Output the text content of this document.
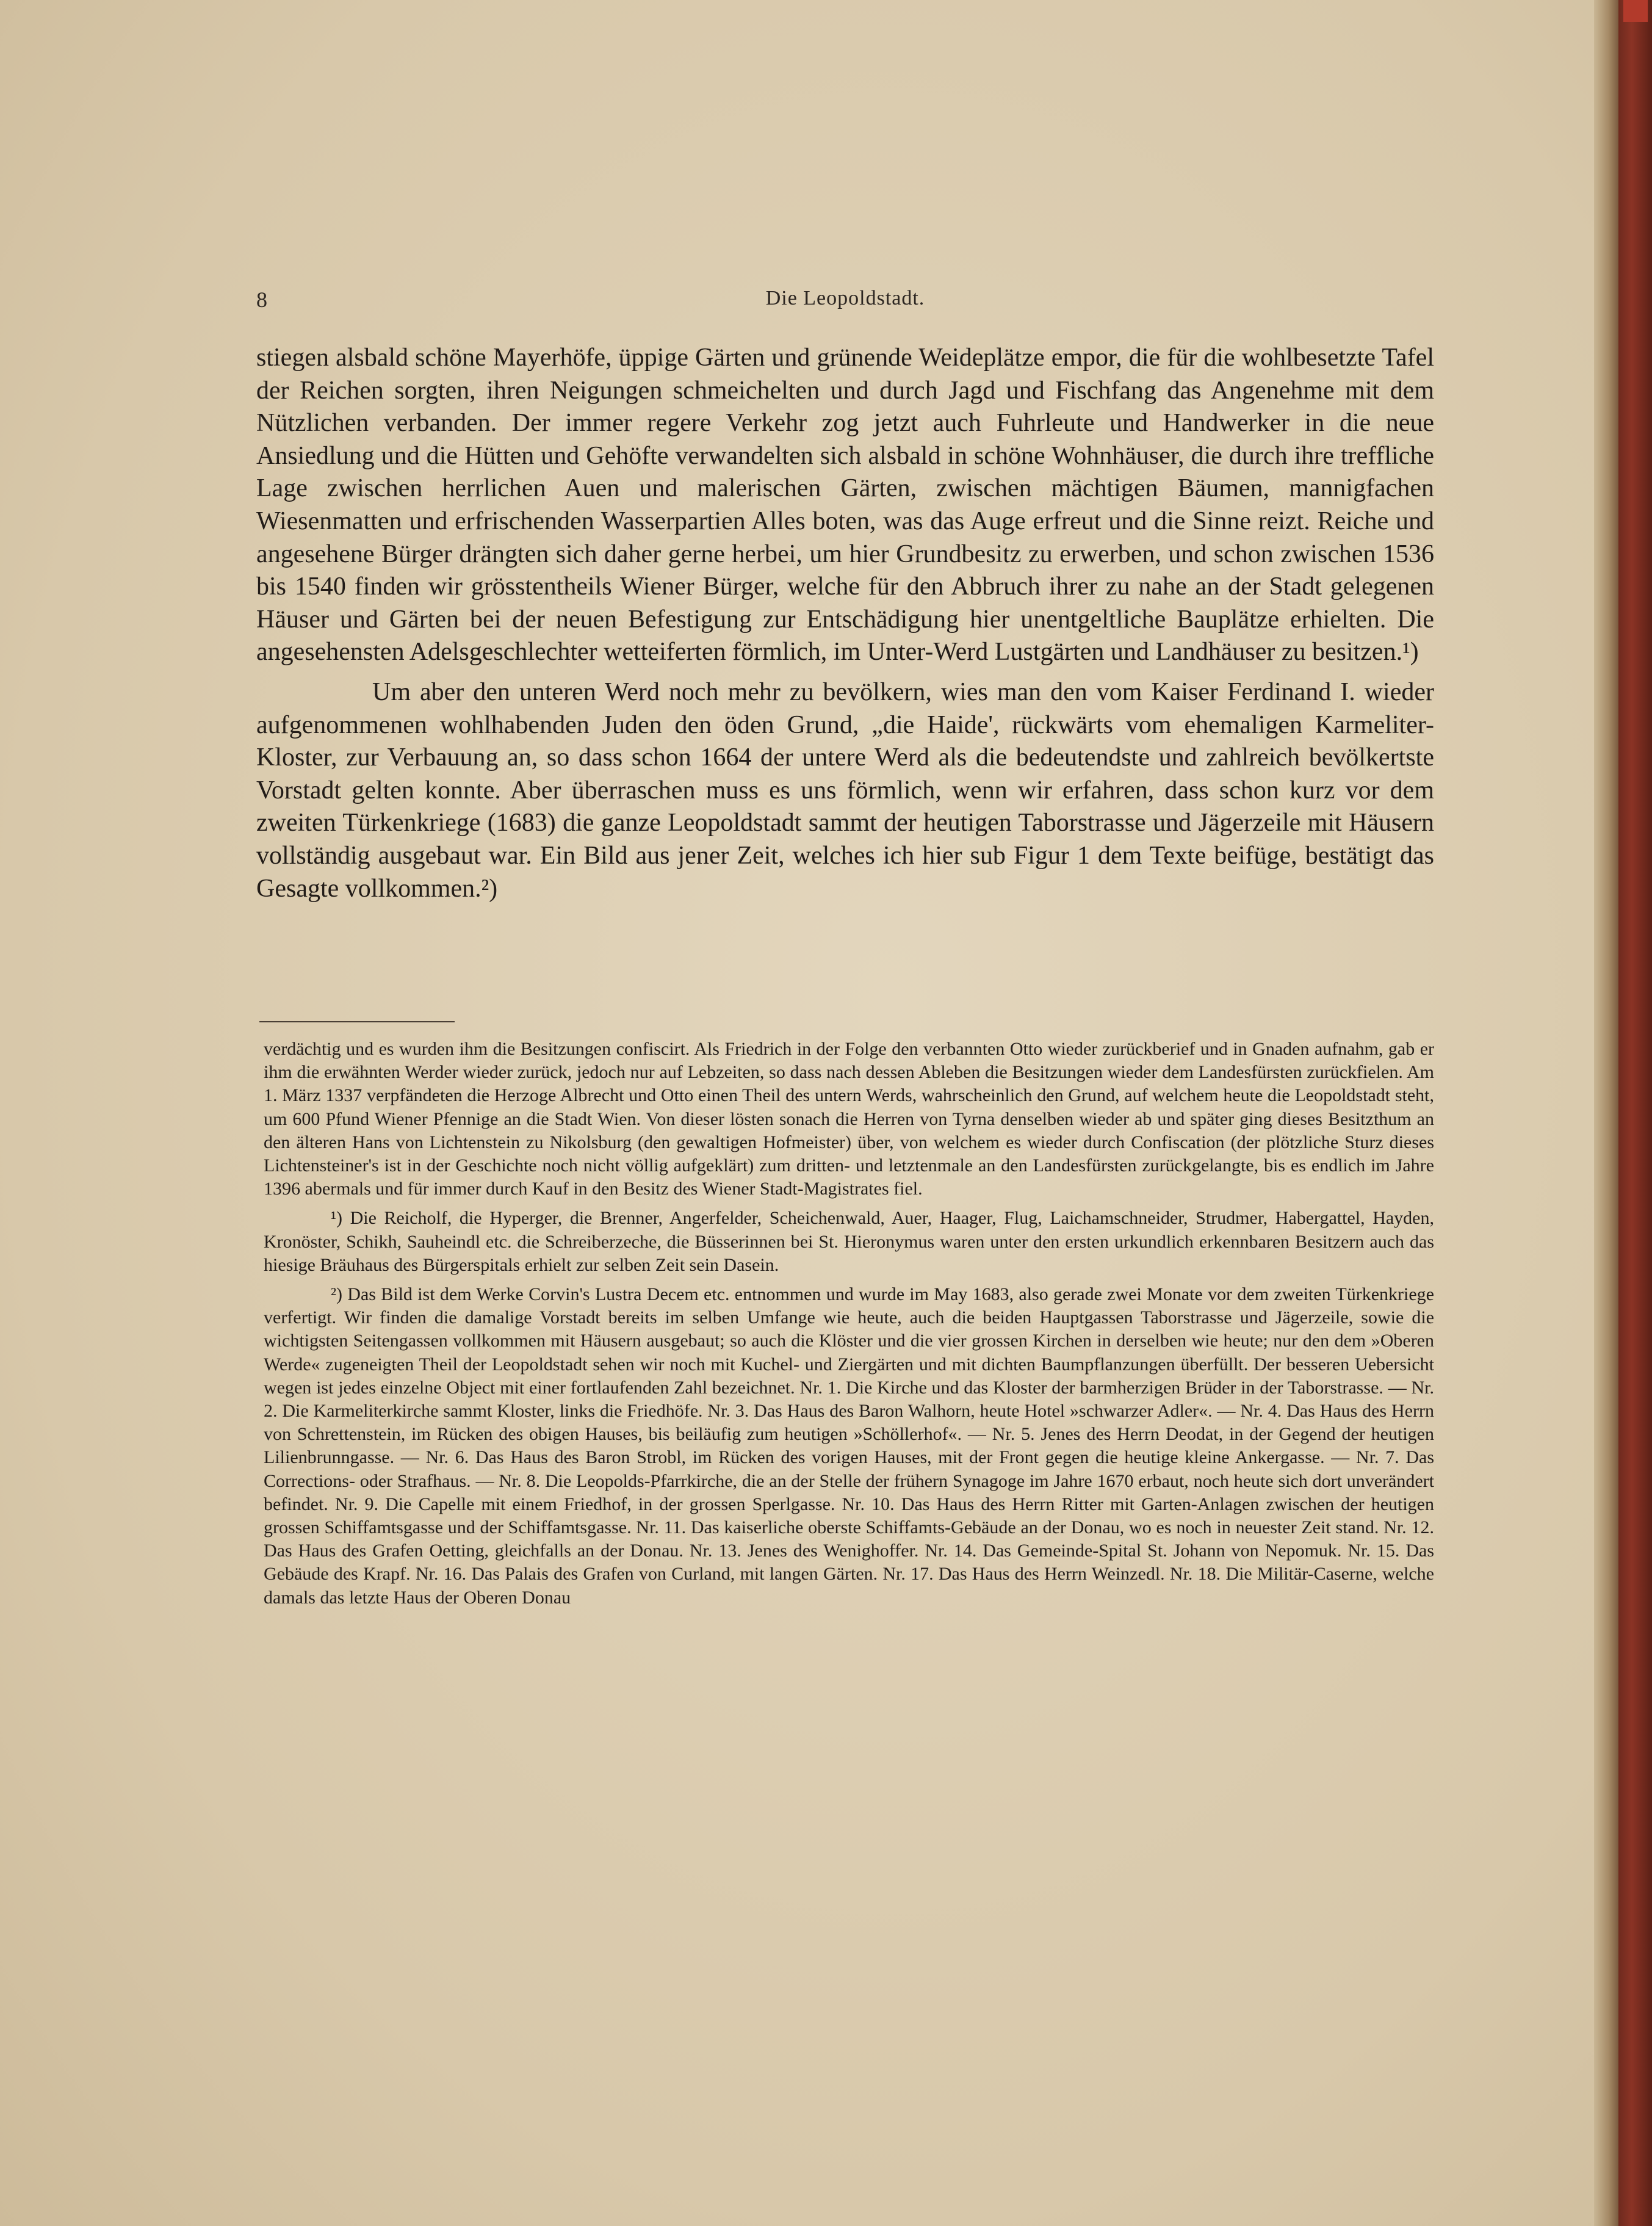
8	Die Leopoldstadt.

stiegen alsbald schöne Mayerhöfe, üppige Gärten und grünende Weideplätze empor, die für die wohlbesetzte Tafel der Reichen sorgten, ihren Neigungen schmeichelten und durch Jagd und Fischfang das Angenehme mit dem Nützlichen verbanden. Der immer regere Verkehr zog jetzt auch Fuhrleute und Handwerker in die neue Ansiedlung und die Hütten und Gehöfte verwandelten sich alsbald in schöne Wohnhäuser, die durch ihre treffliche Lage zwischen herrlichen Auen und malerischen Gärten, zwischen mächtigen Bäumen, mannigfachen Wiesenmatten und erfrischenden Wasserpartien Alles boten, was das Auge erfreut und die Sinne reizt. Reiche und angesehene Bürger drängten sich daher gerne herbei, um hier Grundbesitz zu erwerben, und schon zwischen 1536 bis 1540 finden wir grösstentheils Wiener Bürger, welche für den Abbruch ihrer zu nahe an der Stadt gelegenen Häuser und Gärten bei der neuen Befestigung zur Entschädigung hier unentgeltliche Bauplätze erhielten. Die angesehensten Adelsgeschlechter wetteiferten förmlich, im Unter-Werd Lustgärten und Landhäuser zu besitzen.¹)

Um aber den unteren Werd noch mehr zu bevölkern, wies man den vom Kaiser Ferdinand I. wieder aufgenommenen wohlhabenden Juden den öden Grund, „die Haide', rückwärts vom ehemaligen Karmeliter-Kloster, zur Verbauung an, so dass schon 1664 der untere Werd als die bedeutendste und zahlreich bevölkertste Vorstadt gelten konnte. Aber überraschen muss es uns förmlich, wenn wir erfahren, dass schon kurz vor dem zweiten Türkenkriege (1683) die ganze Leopoldstadt sammt der heutigen Taborstrasse und Jägerzeile mit Häusern vollständig ausgebaut war. Ein Bild aus jener Zeit, welches ich hier sub Figur 1 dem Texte beifüge, bestätigt das Gesagte vollkommen.²)

verdächtig und es wurden ihm die Besitzungen confiscirt. Als Friedrich in der Folge den verbannten Otto wieder zurückberief und in Gnaden aufnahm, gab er ihm die erwähnten Werder wieder zurück, jedoch nur auf Lebzeiten, so dass nach dessen Ableben die Besitzungen wieder dem Landesfürsten zurückfielen. Am 1. März 1337 verpfändeten die Herzoge Albrecht und Otto einen Theil des untern Werds, wahrscheinlich den Grund, auf welchem heute die Leopoldstadt steht, um 600 Pfund Wiener Pfennige an die Stadt Wien. Von dieser lösten sonach die Herren von Tyrna denselben wieder ab und später ging dieses Besitzthum an den älteren Hans von Lichtenstein zu Nikolsburg (den gewaltigen Hofmeister) über, von welchem es wieder durch Confiscation (der plötzliche Sturz dieses Lichtensteiner's ist in der Geschichte noch nicht völlig aufgeklärt) zum dritten- und letztenmale an den Landesfürsten zurückgelangte, bis es endlich im Jahre 1396 abermals und für immer durch Kauf in den Besitz des Wiener Stadt-Magistrates fiel.

¹) Die Reicholf, die Hyperger, die Brenner, Angerfelder, Scheichenwald, Auer, Haager, Flug, Laichamschneider, Strudmer, Habergattel, Hayden, Kronöster, Schikh, Sauheindl etc. die Schreiberzeche, die Büsserinnen bei St. Hieronymus waren unter den ersten urkundlich erkennbaren Besitzern auch das hiesige Bräuhaus des Bürgerspitals erhielt zur selben Zeit sein Dasein.

²) Das Bild ist dem Werke Corvin's Lustra Decem etc. entnommen und wurde im May 1683, also gerade zwei Monate vor dem zweiten Türkenkriege verfertigt. Wir finden die damalige Vorstadt bereits im selben Umfange wie heute, auch die beiden Hauptgassen Taborstrasse und Jägerzeile, sowie die wichtigsten Seitengassen vollkommen mit Häusern ausgebaut; so auch die Klöster und die vier grossen Kirchen in derselben wie heute; nur den dem »Oberen Werde« zugeneigten Theil der Leopoldstadt sehen wir noch mit Kuchel- und Ziergärten und mit dichten Baumpflanzungen überfüllt. Der besseren Uebersicht wegen ist jedes einzelne Object mit einer fortlaufenden Zahl bezeichnet. Nr. 1. Die Kirche und das Kloster der barmherzigen Brüder in der Taborstrasse. — Nr. 2. Die Karmeliterkirche sammt Kloster, links die Friedhöfe. Nr. 3. Das Haus des Baron Walhorn, heute Hotel »schwarzer Adler«. — Nr. 4. Das Haus des Herrn von Schrettenstein, im Rücken des obigen Hauses, bis beiläufig zum heutigen »Schöllerhof«. — Nr. 5. Jenes des Herrn Deodat, in der Gegend der heutigen Lilienbrunngasse. — Nr. 6. Das Haus des Baron Strobl, im Rücken des vorigen Hauses, mit der Front gegen die heutige kleine Ankergasse. — Nr. 7. Das Corrections- oder Strafhaus. — Nr. 8. Die Leopolds-Pfarrkirche, die an der Stelle der frühern Synagoge im Jahre 1670 erbaut, noch heute sich dort unverändert befindet. Nr. 9. Die Capelle mit einem Friedhof, in der grossen Sperlgasse. Nr. 10. Das Haus des Herrn Ritter mit Garten-Anlagen zwischen der heutigen grossen Schiffamtsgasse und der Schiffamtsgasse. Nr. 11. Das kaiserliche oberste Schiffamts-Gebäude an der Donau, wo es noch in neuester Zeit stand. Nr. 12. Das Haus des Grafen Oetting, gleichfalls an der Donau. Nr. 13. Jenes des Wenighoffer. Nr. 14. Das Gemeinde-Spital St. Johann von Nepomuk. Nr. 15. Das Gebäude des Krapf. Nr. 16. Das Palais des Grafen von Curland, mit langen Gärten. Nr. 17. Das Haus des Herrn Weinzedl. Nr. 18. Die Militär-Caserne, welche damals das letzte Haus der Oberen Donau
